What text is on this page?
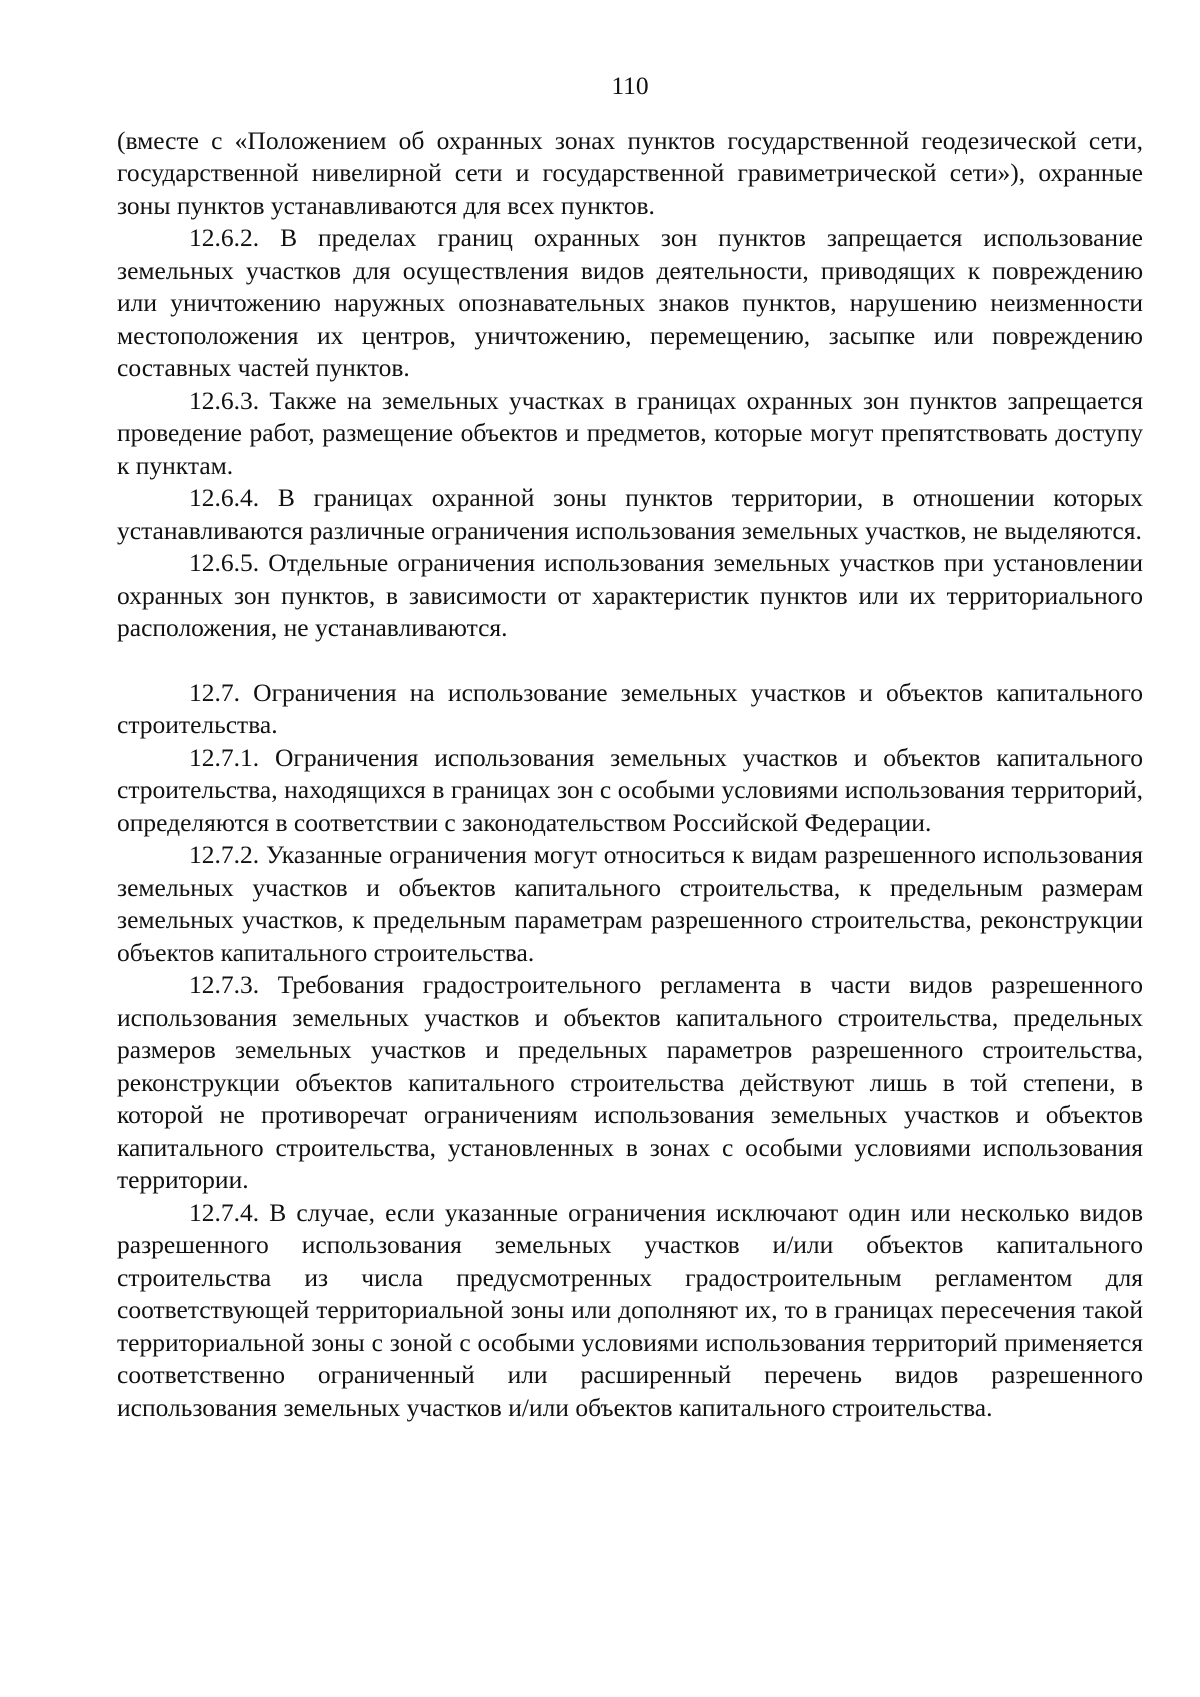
110

(вместе с «Положением об охранных зонах пунктов государственной геодезической сети, государственной нивелирной сети и государственной гравиметрической сети»), охранные зоны пунктов устанавливаются для всех пунктов.

12.6.2. В пределах границ охранных зон пунктов запрещается использование земельных участков для осуществления видов деятельности, приводящих к повреждению или уничтожению наружных опознавательных знаков пунктов, нарушению неизменности местоположения их центров, уничтожению, перемещению, засыпке или повреждению составных частей пунктов.

12.6.3. Также на земельных участках в границах охранных зон пунктов запрещается проведение работ, размещение объектов и предметов, которые могут препятствовать доступу к пунктам.

12.6.4. В границах охранной зоны пунктов территории, в отношении которых устанавливаются различные ограничения использования земельных участков, не выделяются.

12.6.5. Отдельные ограничения использования земельных участков при установлении охранных зон пунктов, в зависимости от характеристик пунктов или их территориального расположения, не устанавливаются.

12.7. Ограничения на использование земельных участков и объектов капитального строительства.

12.7.1. Ограничения использования земельных участков и объектов капитального строительства, находящихся в границах зон с особыми условиями использования территорий, определяются в соответствии с законодательством Российской Федерации.

12.7.2. Указанные ограничения могут относиться к видам разрешенного использования земельных участков и объектов капитального строительства, к предельным размерам земельных участков, к предельным параметрам разрешенного строительства, реконструкции объектов капитального строительства.

12.7.3. Требования градостроительного регламента в части видов разрешенного использования земельных участков и объектов капитального строительства, предельных размеров земельных участков и предельных параметров разрешенного строительства, реконструкции объектов капитального строительства действуют лишь в той степени, в которой не противоречат ограничениям использования земельных участков и объектов капитального строительства, установленных в зонах с особыми условиями использования территории.

12.7.4. В случае, если указанные ограничения исключают один или несколько видов разрешенного использования земельных участков и/или объектов капитального строительства из числа предусмотренных градостроительным регламентом для соответствующей территориальной зоны или дополняют их, то в границах пересечения такой территориальной зоны с зоной с особыми условиями использования территорий применяется соответственно ограниченный или расширенный перечень видов разрешенного использования земельных участков и/или объектов капитального строительства.
